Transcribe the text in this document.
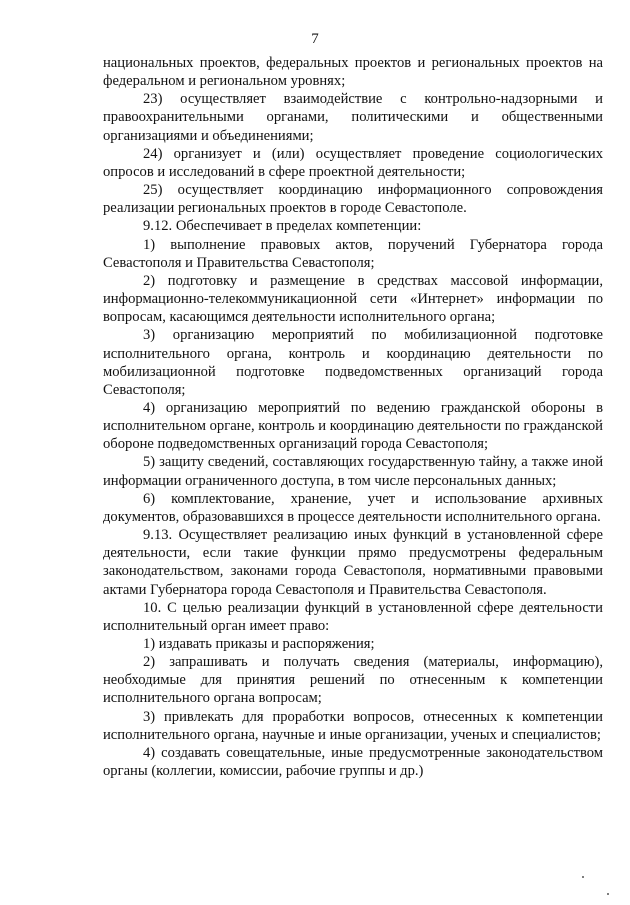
7

национальных проектов, федеральных проектов и региональных проектов на федеральном и региональном уровнях;

23) осуществляет взаимодействие с контрольно-надзорными и правоохранительными органами, политическими и общественными организациями и объединениями;

24) организует и (или) осуществляет проведение социологических опросов и исследований в сфере проектной деятельности;

25) осуществляет координацию информационного сопровождения реализации региональных проектов в городе Севастополе.

9.12. Обеспечивает в пределах компетенции:

1) выполнение правовых актов, поручений Губернатора города Севастополя и Правительства Севастополя;

2) подготовку и размещение в средствах массовой информации, информационно-телекоммуникационной сети «Интернет» информации по вопросам, касающимся деятельности исполнительного органа;

3) организацию мероприятий по мобилизационной подготовке исполнительного органа, контроль и координацию деятельности по мобилизационной подготовке подведомственных организаций города Севастополя;

4) организацию мероприятий по ведению гражданской обороны в исполнительном органе, контроль и координацию деятельности по гражданской обороне подведомственных организаций города Севастополя;

5) защиту сведений, составляющих государственную тайну, а также иной информации ограниченного доступа, в том числе персональных данных;

6) комплектование, хранение, учет и использование архивных документов, образовавшихся в процессе деятельности исполнительного органа.

9.13. Осуществляет реализацию иных функций в установленной сфере деятельности, если такие функции прямо предусмотрены федеральным законодательством, законами города Севастополя, нормативными правовыми актами Губернатора города Севастополя и Правительства Севастополя.

10. С целью реализации функций в установленной сфере деятельности исполнительный орган имеет право:

1) издавать приказы и распоряжения;

2) запрашивать и получать сведения (материалы, информацию), необходимые для принятия решений по отнесенным к компетенции исполнительного органа вопросам;

3) привлекать для проработки вопросов, отнесенных к компетенции исполнительного органа, научные и иные организации, ученых и специалистов;

4) создавать совещательные, иные предусмотренные законодательством органы (коллегии, комиссии, рабочие группы и др.)
